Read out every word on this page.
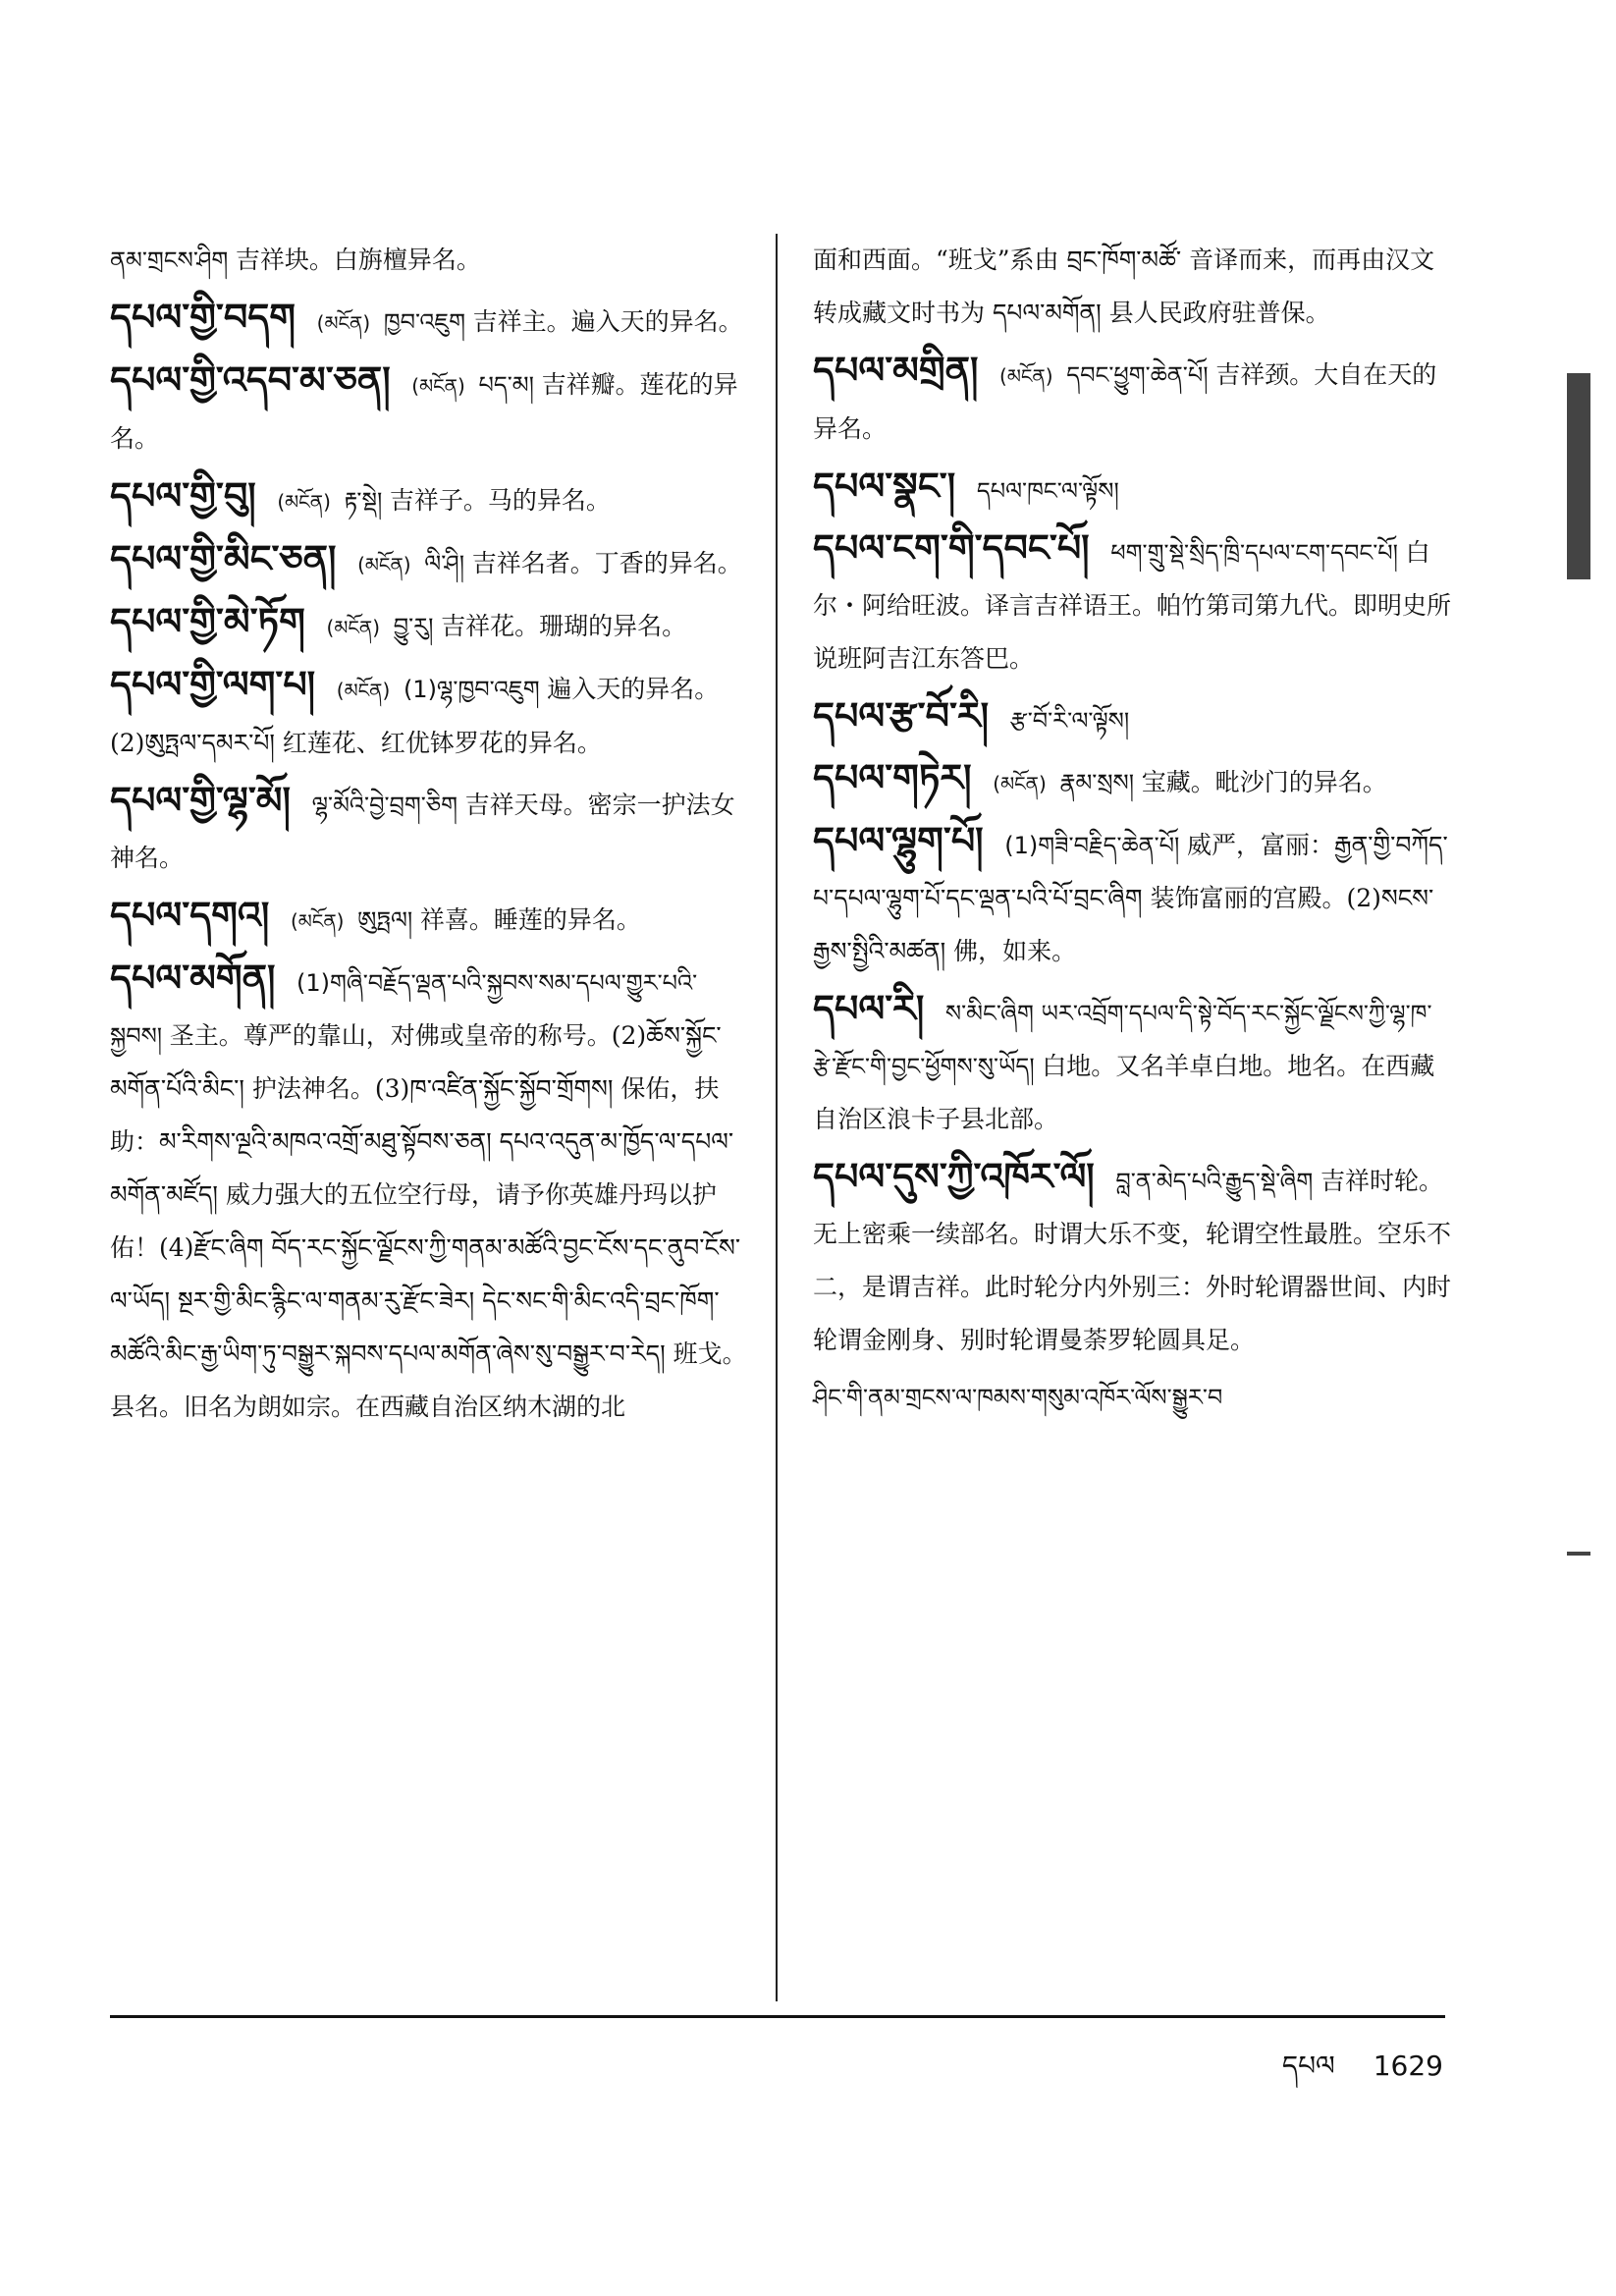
ནམ་གྲངས་ཤིག 吉祥块。白旃檀异名。
དཔལ་གྱི་བདག (མངོན) ཁྱབ་འཇུག 吉祥主。遍入天的异名。
དཔལ་གྱི་འདབ་མ་ཅན། (མངོན) པད་མ། 吉祥瓣。莲花的异名。
དཔལ་གྱི་བུ། (མངོན) རྟ་སྡེ། 吉祥子。马的异名。
དཔལ་གྱི་མིང་ཅན། (མངོན) ལི་ཤི། 吉祥名者。丁香的异名。
དཔལ་གྱི་མེ་ཏོག (མངོན) བྱུ་རུ། 吉祥花。珊瑚的异名。
དཔལ་གྱི་ལག་པ། (མངོན) (1)ལྷ་ཁྱབ་འཇུག 遍入天的异名。(2)ཨུཏྤལ་དམར་པོ། 红莲花、红优钵罗花的异名。
དཔལ་གྱི་ལྷ་མོ། ལྷ་མོའི་བྱེ་བྲག་ཅིག 吉祥天母。密宗一护法女神名。
དཔལ་དགའ། (མངོན) ཨུཏྤལ། 祥喜。睡莲的异名。
དཔལ་མགོན། (1)གཞི་བརྗོད་ལྡན་པའི་སྐྱབས་སམ་དཔལ་གྱུར་པའི་སྐྱབས། 圣主。尊严的靠山，对佛或皇帝的称号。(2)ཆོས་སྐྱོང་མགོན་པོའི་མིང་། 护法神名。(3)ཁ་འཛིན་སྐྱོང་སྐྱོབ་གྲོགས། 保佑，扶助：མ་རིགས་ལྔའི་མཁའ་འགྲོ་མཐུ་སྟོབས་ཅན། དཔའ་འདུན་མ་ཁྱོད་ལ་དཔལ་མགོན་མཛོད། 威力强大的五位空行母，请予你英雄丹玛以护佑！(4)རྫོང་ཞིག བོད་རང་སྐྱོང་ལྗོངས་ཀྱི་གནམ་མཚོའི་བྱང་ངོས་དང་ནུབ་ངོས་ལ་ཡོད། སྔར་གྱི་མིང་རྙིང་ལ་གནམ་རུ་རྫོང་ཟེར། དེང་སང་གི་མིང་འདི་བྲང་ཁོག་མཚོའི་མིང་རྒྱ་ཡིག་ཏུ་བསྒྱུར་སྐབས་དཔལ་མགོན་ཞེས་སུ་བསྒྱུར་བ་རེད། 班戈。县名。旧名为朗如宗。在西藏自治区纳木湖的北
面和西面。“班戈”系由 བྲང་ཁོག་མཚོ་ 音译而来，而再由汉文转成藏文时书为 དཔལ་མགོན། 县人民政府驻普保。
དཔལ་མགྲིན། (མངོན) དབང་ཕྱུག་ཆེན་པོ། 吉祥颈。大自在天的异名。
དཔལ་སྣང་། དཔལ་ཁང་ལ་ལྟོས།
དཔལ་ངག་གི་དབང་པོ། ཕག་གྲུ་སྡེ་སྲིད་ཁྲི་དཔལ་ངག་དབང་པོ། 白尔・阿给旺波。译言吉祥语王。帕竹第司第九代。即明史所说班阿吉江东答巴。
དཔལ་རྩ་བོ་རི། རྩ་བོ་རི་ལ་ལྟོས།
དཔལ་གཏེར། (མངོན) རྣམ་སྲས། 宝藏。毗沙门的异名。
དཔལ་ལྷུག་པོ། (1)གཟི་བརྗིད་ཆེན་པོ། 威严，富丽：རྒྱན་གྱི་བཀོད་པ་དཔལ་ལྷུག་པོ་དང་ལྡན་པའི་པོ་བྲང་ཞིག 装饰富丽的宫殿。(2)སངས་རྒྱས་སྤྱིའི་མཚན། 佛，如来。
དཔལ་རི། ས་མིང་ཞིག ཡར་འབྲོག་དཔལ་དི་སྟེ་བོད་རང་སྐྱོང་ལྗོངས་ཀྱི་ལྷ་ཁ་རྩེ་རྫོང་གི་བྱང་ཕྱོགས་སུ་ཡོད། 白地。又名羊卓白地。地名。在西藏自治区浪卡子县北部。
དཔལ་དུས་ཀྱི་འཁོར་ལོ། བླ་ན་མེད་པའི་རྒྱུད་སྡེ་ཞིག 吉祥时轮。无上密乘一续部名。时谓大乐不变，轮谓空性最胜。空乐不二，是谓吉祥。此时轮分内外别三：外时轮谓器世间、内时轮谓金刚身、别时轮谓曼荼罗轮圆具足。
ཤིང་གི་ནམ་གྲངས་ལ་ཁམས་གསུམ་འཁོར་ལོས་སྒྱུར་བ
དཔལ 1629
